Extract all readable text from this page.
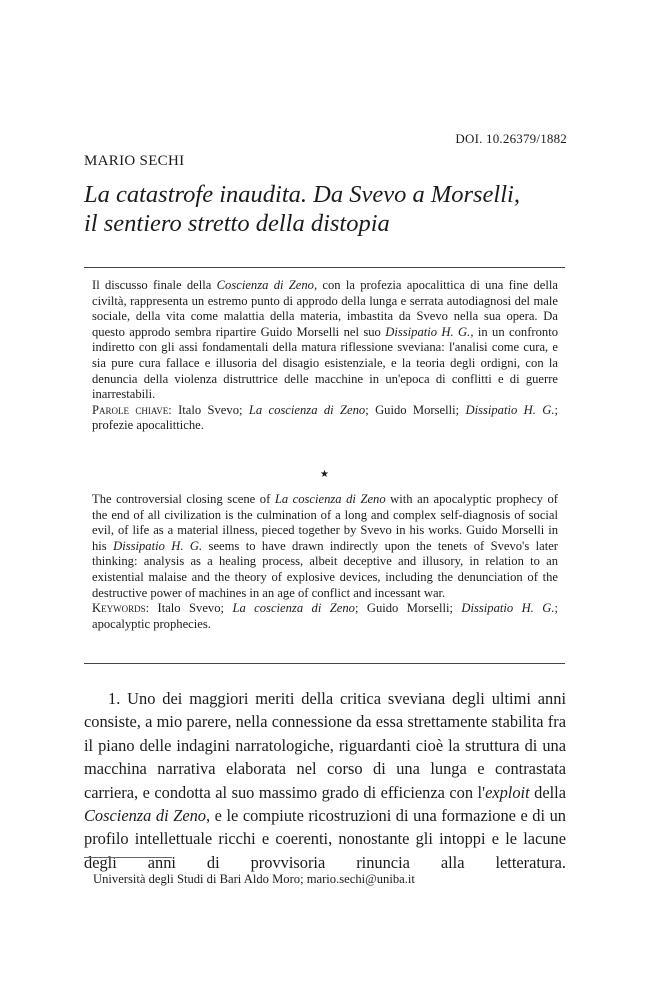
DOI. 10.26379/1882
MARIO SECHI
La catastrofe inaudita. Da Svevo a Morselli,
il sentiero stretto della distopia

Il discusso finale della Coscienza di Zeno, con la profezia apocalittica di una fine della civiltà, rappresenta un estremo punto di approdo della lunga e serrata autodiagnosi del male sociale, della vita come malattia della materia, imbastita da Svevo nella sua opera. Da questo approdo sembra ripartire Guido Morselli nel suo Dissipatio H. G., in un confronto indiretto con gli assi fondamentali della matura riflessione sveviana: l'analisi come cura, e sia pure cura fallace e illusoria del disagio esistenziale, e la teoria degli ordigni, con la denuncia della violenza distruttrice delle macchine in un'epoca di conflitti e di guerre inarrestabili.

Parole chiave: Italo Svevo; La coscienza di Zeno; Guido Morselli; Dissipatio H. G.; profezie apocalittiche.

★

The controversial closing scene of La coscienza di Zeno with an apocalyptic prophecy of the end of all civilization is the culmination of a long and complex self-diagnosis of social evil, of life as a material illness, pieced together by Svevo in his works. Guido Morselli in his Dissipatio H. G. seems to have drawn indirectly upon the tenets of Svevo's later thinking: analysis as a healing process, albeit deceptive and illusory, in relation to an existential malaise and the theory of explosive devices, including the denunciation of the destructive power of machines in an age of conflict and incessant war.

Keywords: Italo Svevo; La coscienza di Zeno; Guido Morselli; Dissipatio H. G.; apocalyptic prophecies.

1. Uno dei maggiori meriti della critica sveviana degli ultimi anni consiste, a mio parere, nella connessione da essa strettamente stabilita fra il piano delle indagini narratologiche, riguardanti cioè la struttura di una macchina narrativa elaborata nel corso di una lunga e contrastata carriera, e condotta al suo massimo grado di efficienza con l'exploit della Coscienza di Zeno, e le compiute ricostruzioni di una formazione e di un profilo intellettuale ricchi e coerenti, nonostante gli intoppi e le lacune degli anni di provvisoria rinuncia alla letteratura.

Università degli Studi di Bari Aldo Moro; mario.sechi@uniba.it
